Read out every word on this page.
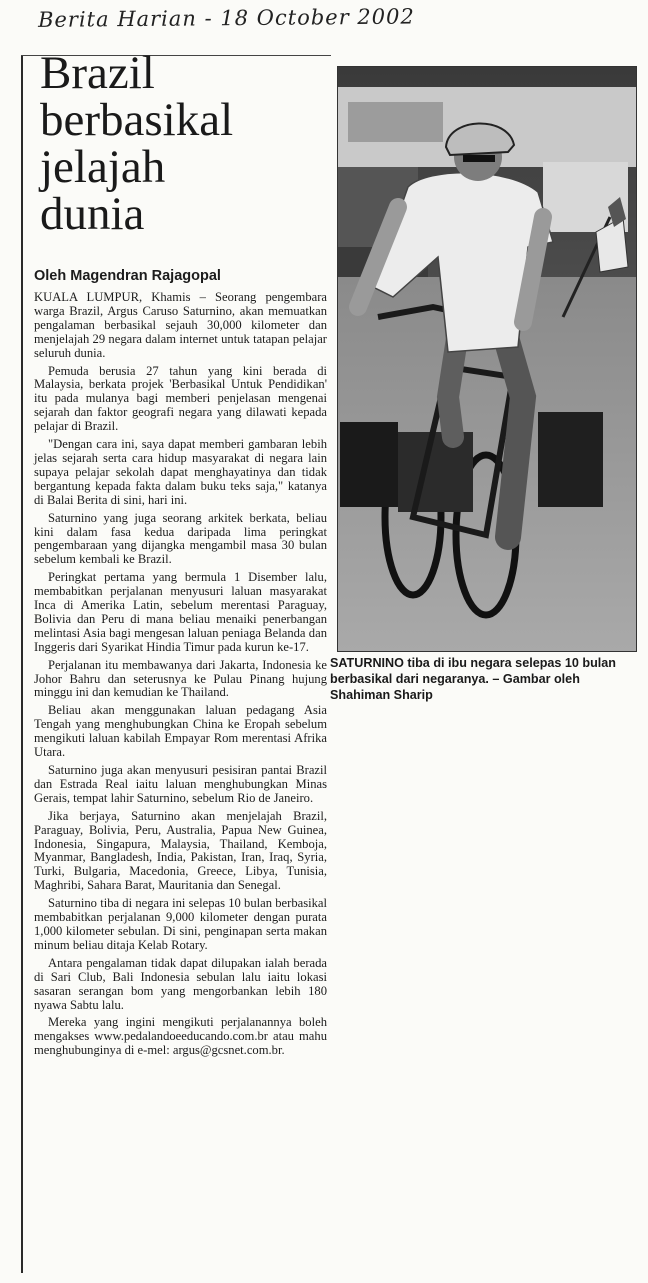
Berita Harian - 18 October 2002
Brazil
berbasikal
jelajah
dunia
Oleh Magendran Rajagopal

KUALA LUMPUR, Khamis – Seorang pengembara warga Brazil, Argus Caruso Saturnino, akan memuatkan pengalaman berbasikal sejauh 30,000 kilometer dan menjelajah 29 negara dalam internet untuk tatapan pelajar seluruh dunia.

Pemuda berusia 27 tahun yang kini berada di Malaysia, berkata projek 'Berbasikal Untuk Pendidikan' itu pada mulanya bagi memberi penjelasan mengenai sejarah dan faktor geografi negara yang dilawati kepada pelajar di Brazil.

"Dengan cara ini, saya dapat memberi gambaran lebih jelas sejarah serta cara hidup masyarakat di negara lain supaya pelajar sekolah dapat menghayatinya dan tidak bergantung kepada fakta dalam buku teks saja," katanya di Balai Berita di sini, hari ini.

Saturnino yang juga seorang arkitek berkata, beliau kini dalam fasa kedua daripada lima peringkat pengembaraan yang dijangka mengambil masa 30 bulan sebelum kembali ke Brazil.

Peringkat pertama yang bermula 1 Disember lalu, membabitkan perjalanan menyusuri laluan masyarakat Inca di Amerika Latin, sebelum merentasi Paraguay, Bolivia dan Peru di mana beliau menaiki penerbangan melintasi Asia bagi mengesan laluan peniaga Belanda dan Inggeris dari Syarikat Hindia Timur pada kurun ke-17.

Perjalanan itu membawanya dari Jakarta, Indonesia ke Johor Bahru dan seterusnya ke Pulau Pinang hujung minggu ini dan kemudian ke Thailand.

Beliau akan menggunakan laluan pedagang Asia Tengah yang menghubungkan China ke Eropah sebelum mengikuti laluan kabilah Empayar Rom merentasi Afrika Utara.

Saturnino juga akan menyusuri pesisiran pantai Brazil dan Estrada Real iaitu laluan menghubungkan Minas Gerais, tempat lahir Saturnino, sebelum Rio de Janeiro.

Jika berjaya, Saturnino akan menjelajah Brazil, Paraguay, Bolivia, Peru, Australia, Papua New Guinea, Indonesia, Singapura, Malaysia, Thailand, Kemboja, Myanmar, Bangladesh, India, Pakistan, Iran, Iraq, Syria, Turki, Bulgaria, Macedonia, Greece, Libya, Tunisia, Maghribi, Sahara Barat, Mauritania dan Senegal.

Saturnino tiba di negara ini selepas 10 bulan berbasikal membabitkan perjalanan 9,000 kilometer dengan purata 1,000 kilometer sebulan. Di sini, penginapan serta makan minum beliau ditaja Kelab Rotary.

Antara pengalaman tidak dapat dilupakan ialah berada di Sari Club, Bali Indonesia sebulan lalu iaitu lokasi sasaran serangan bom yang mengorbankan lebih 180 nyawa Sabtu lalu.

Mereka yang ingini mengikuti perjalanannya boleh mengakses www.pedalandoeeducando.com.br atau mahu menghubunginya di e-mel: argus@gcsnet.com.br.

SATURNINO tiba di ibu negara selepas 10 bulan berbasikal dari negaranya. – Gambar oleh Shahiman Sharip
